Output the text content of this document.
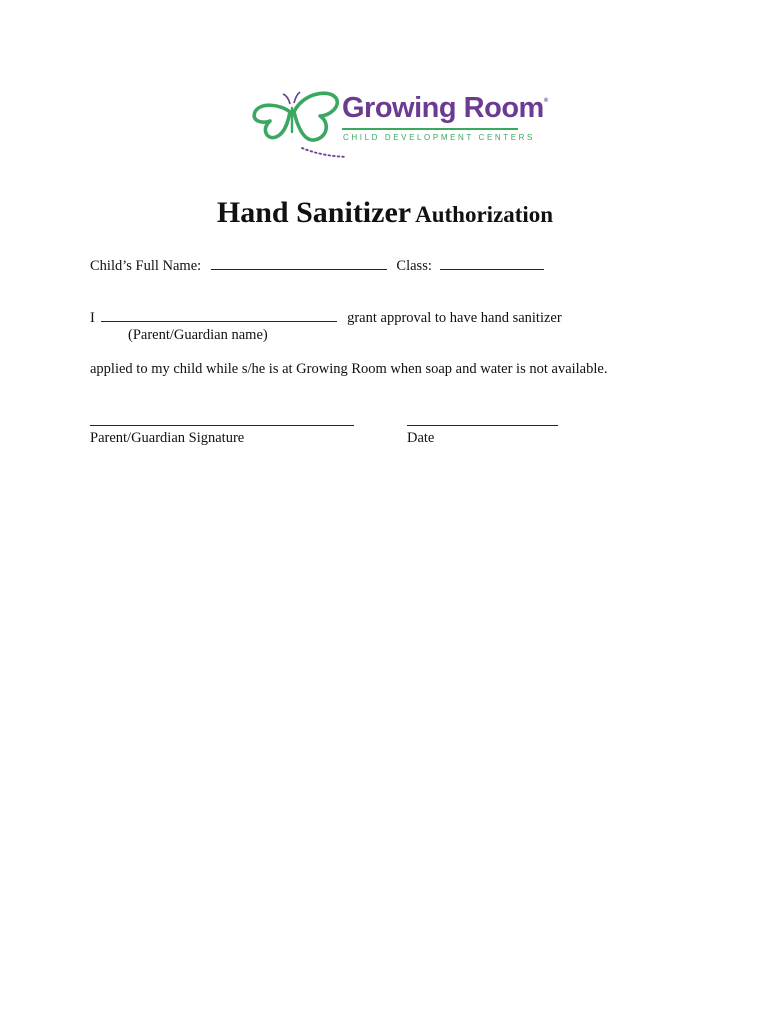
Growing Room®
CHILD DEVELOPMENT CENTERS
Hand Sanitizer Authorization
Child’s Full Name:	Class:
I	grant approval to have hand sanitizer
(Parent/Guardian name)
applied to my child while s/he is at Growing Room when soap and water is not available.
Parent/Guardian Signature	Date
